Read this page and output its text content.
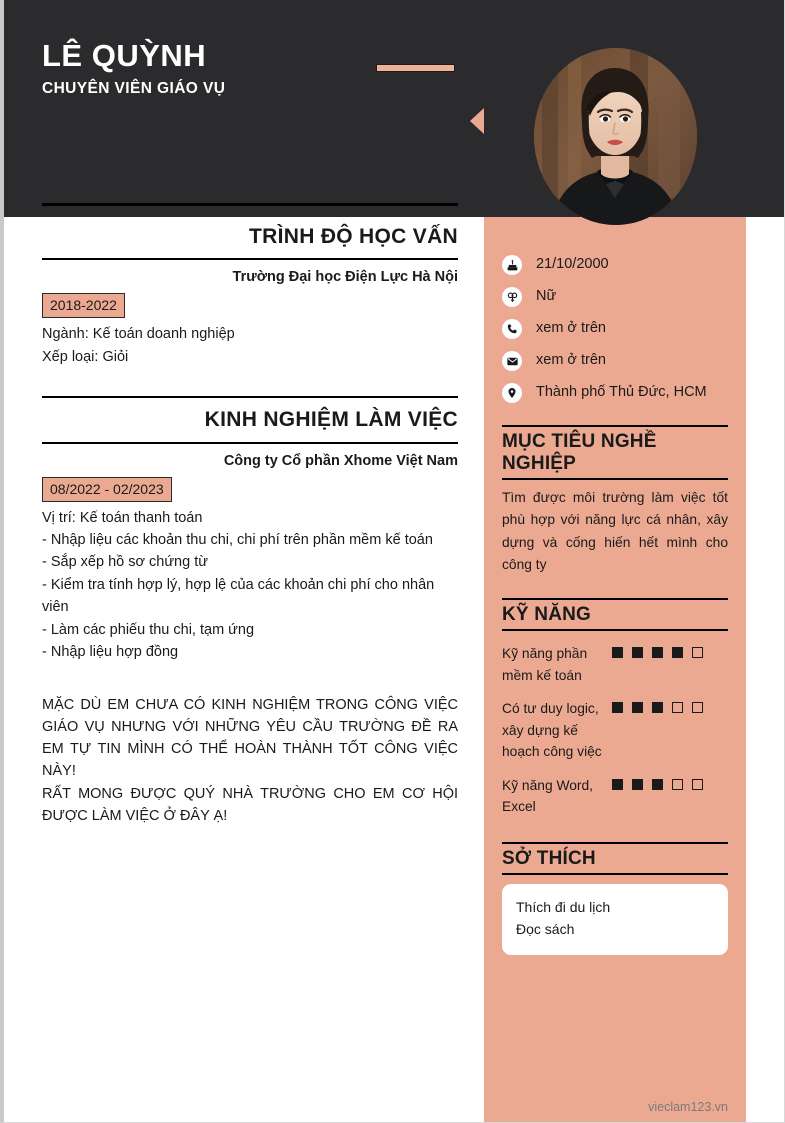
LÊ QUỲNH
CHUYÊN VIÊN GIÁO VỤ
TRÌNH ĐỘ HỌC VẤN
Trường Đại học Điện Lực Hà Nội
2018-2022
Ngành: Kế toán doanh nghiệp
Xếp loại: Giỏi
KINH NGHIỆM LÀM VIỆC
Công ty Cổ phần Xhome Việt Nam
08/2022 - 02/2023
Vị trí: Kế toán thanh toán
- Nhập liệu các khoản thu chi, chi phí trên phần mềm kế toán
- Sắp xếp hồ sơ chứng từ
- Kiểm tra tính hợp lý, hợp lệ của các khoản chi phí cho nhân viên
- Làm các phiếu thu chi, tạm ứng
- Nhập liệu hợp đồng

MẶC DÙ EM CHƯA CÓ KINH NGHIỆM TRONG CÔNG VIỆC GIÁO VỤ NHƯNG VỚI NHỮNG YÊU CẦU TRƯỜNG ĐỀ RA EM TỰ TIN MÌNH CÓ THỂ HOÀN THÀNH TỐT CÔNG VIỆC NÀY!

RẤT MONG ĐƯỢC QUÝ NHÀ TRƯỜNG CHO EM CƠ HỘI ĐƯỢC LÀM VIỆC Ở ĐÂY Ạ!

21/10/2000
Nữ
xem ở trên
xem ở trên
Thành phố Thủ Đức, HCM
MỤC TIÊU NGHỀ NGHIỆP
Tìm được môi trường làm việc tốt phù hợp với năng lực cá nhân, xây dựng và cống hiến hết mình cho công ty
KỸ NĂNG
Kỹ năng phần mềm kế toán
Có tư duy logic, xây dựng kế hoạch công việc
Kỹ năng Word, Excel
SỞ THÍCH
Thích đi du lịch
Đọc sách
vieclam123.vn
